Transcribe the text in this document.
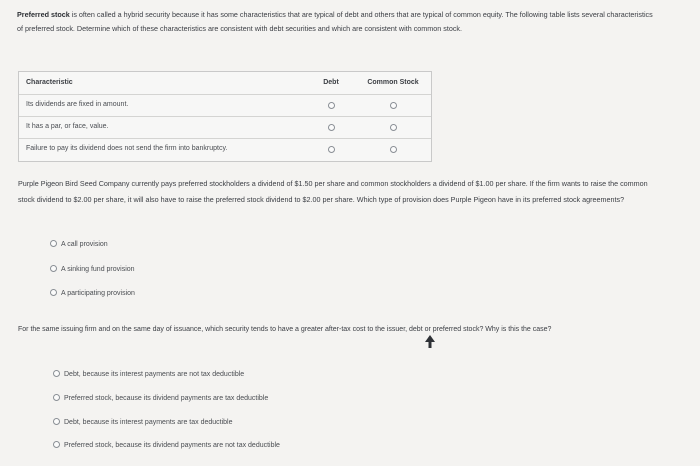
Preferred stock is often called a hybrid security because it has some characteristics that are typical of debt and others that are typical of common equity. The following table lists several characteristics of preferred stock. Determine which of these characteristics are consistent with debt securities and which are consistent with common stock.
Characteristic	Debt	Common Stock
Its dividends are fixed in amount.
It has a par, or face, value.
Failure to pay its dividend does not send the firm into bankruptcy.
Purple Pigeon Bird Seed Company currently pays preferred stockholders a dividend of $1.50 per share and common stockholders a dividend of $1.00 per share. If the firm wants to raise the common stock dividend to $2.00 per share, it will also have to raise the preferred stock dividend to $2.00 per share. Which type of provision does Purple Pigeon have in its preferred stock agreements?
A call provision
A sinking fund provision
A participating provision
For the same issuing firm and on the same day of issuance, which security tends to have a greater after-tax cost to the issuer, debt or preferred stock? Why is this the case?
Debt, because its interest payments are not tax deductible
Preferred stock, because its dividend payments are tax deductible
Debt, because its interest payments are tax deductible
Preferred stock, because its dividend payments are not tax deductible
